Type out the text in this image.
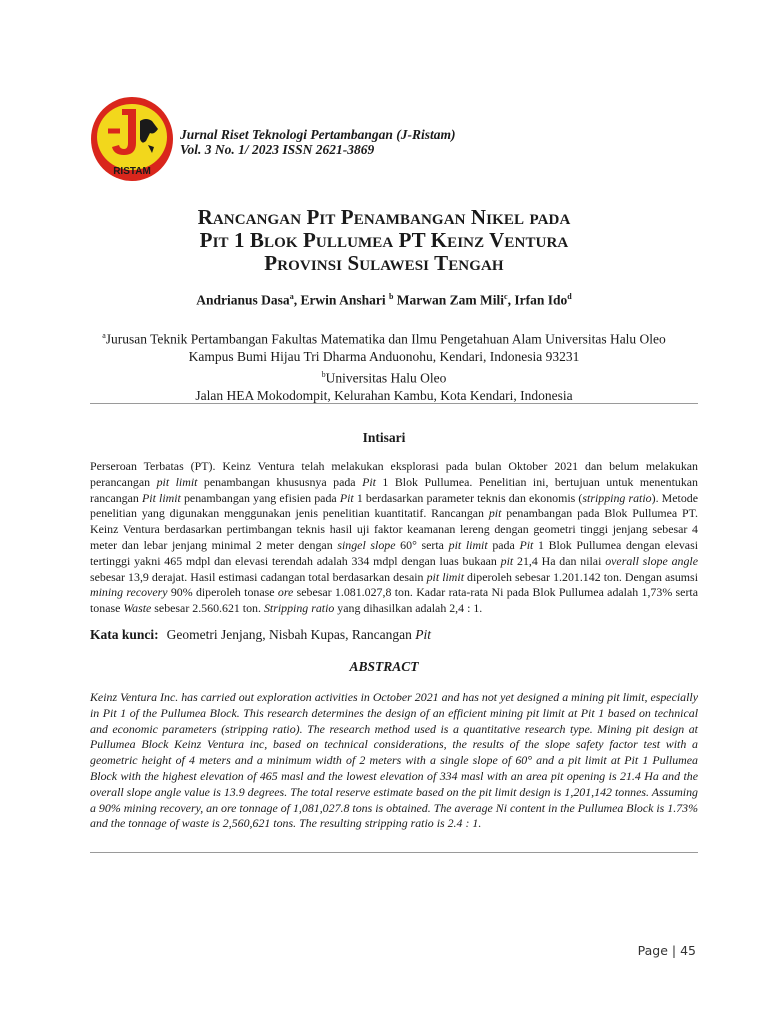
RISTAM
Jurnal Riset Teknologi Pertambangan (J-Ristam)
Vol. 3 No. 1/ 2023 ISSN 2621-3869
Rancangan Pit Penambangan Nikel pada
Pit 1 Blok Pullumea PT Keinz Ventura
Provinsi Sulawesi Tengah
Andrianus Dasa$^a$, Erwin Anshari $^b$ Marwan Zam Mili$^c$, Irfan Ido$^d$
$^a$Jurusan Teknik Pertambangan Fakultas Matematika dan Ilmu Pengetahuan Alam Universitas Halu Oleo
Kampus Bumi Hijau Tri Dharma Anduonohu, Kendari, Indonesia 93231
$^b$Universitas Halu Oleo
Jalan HEA Mokodompit, Kelurahan Kambu, Kota Kendari, Indonesia
Intisari

Perseroan Terbatas (PT). Keinz Ventura telah melakukan eksplorasi pada bulan Oktober 2021 dan belum melakukan perancangan pit limit penambangan khususnya pada Pit 1 Blok Pullumea. Penelitian ini, bertujuan untuk menentukan rancangan Pit limit penambangan yang efisien pada Pit 1 berdasarkan parameter teknis dan ekonomis (stripping ratio). Metode penelitian yang digunakan menggunakan jenis penelitian kuantitatif. Rancangan pit penambangan pada Blok Pullumea PT. Keinz Ventura berdasarkan pertimbangan teknis hasil uji faktor keamanan lereng dengan geometri tinggi jenjang sebesar 4 meter dan lebar jenjang minimal 2 meter dengan singel slope 60° serta pit limit pada Pit 1 Blok Pullumea dengan elevasi tertinggi yakni 465 mdpl dan elevasi terendah adalah 334 mdpl dengan luas bukaan pit 21,4 Ha dan nilai overall slope angle sebesar 13,9 derajat. Hasil estimasi cadangan total berdasarkan desain pit limit diperoleh sebesar 1.201.142 ton. Dengan asumsi mining recovery 90% diperoleh tonase ore sebesar 1.081.027,8 ton. Kadar rata-rata Ni pada Blok Pullumea adalah 1,73% serta tonase Waste sebesar 2.560.621 ton. Stripping ratio yang dihasilkan adalah 2,4 : 1.

Kata kunci: Geometri Jenjang, Nisbah Kupas, Rancangan Pit
ABSTRACT

Keinz Ventura Inc. has carried out exploration activities in October 2021 and has not yet designed a mining pit limit, especially in Pit 1 of the Pullumea Block. This research determines the design of an efficient mining pit limit at Pit 1 based on technical and economic parameters (stripping ratio). The research method used is a quantitative research type. Mining pit design at Pullumea Block Keinz Ventura inc, based on technical considerations, the results of the slope safety factor test with a geometric height of 4 meters and a minimum width of 2 meters with a single slope of 60° and a pit limit at Pit 1 Pullumea Block with the highest elevation of 465 masl and the lowest elevation of 334 masl with an area pit opening is 21.4 Ha and the overall slope angle value is 13.9 degrees. The total reserve estimate based on the pit limit design is 1,201,142 tonnes. Assuming a 90% mining recovery, an ore tonnage of 1,081,027.8 tons is obtained. The average Ni content in the Pullumea Block is 1.73% and the tonnage of waste is 2,560,621 tons. The resulting stripping ratio is 2.4 : 1.

Page | 45
